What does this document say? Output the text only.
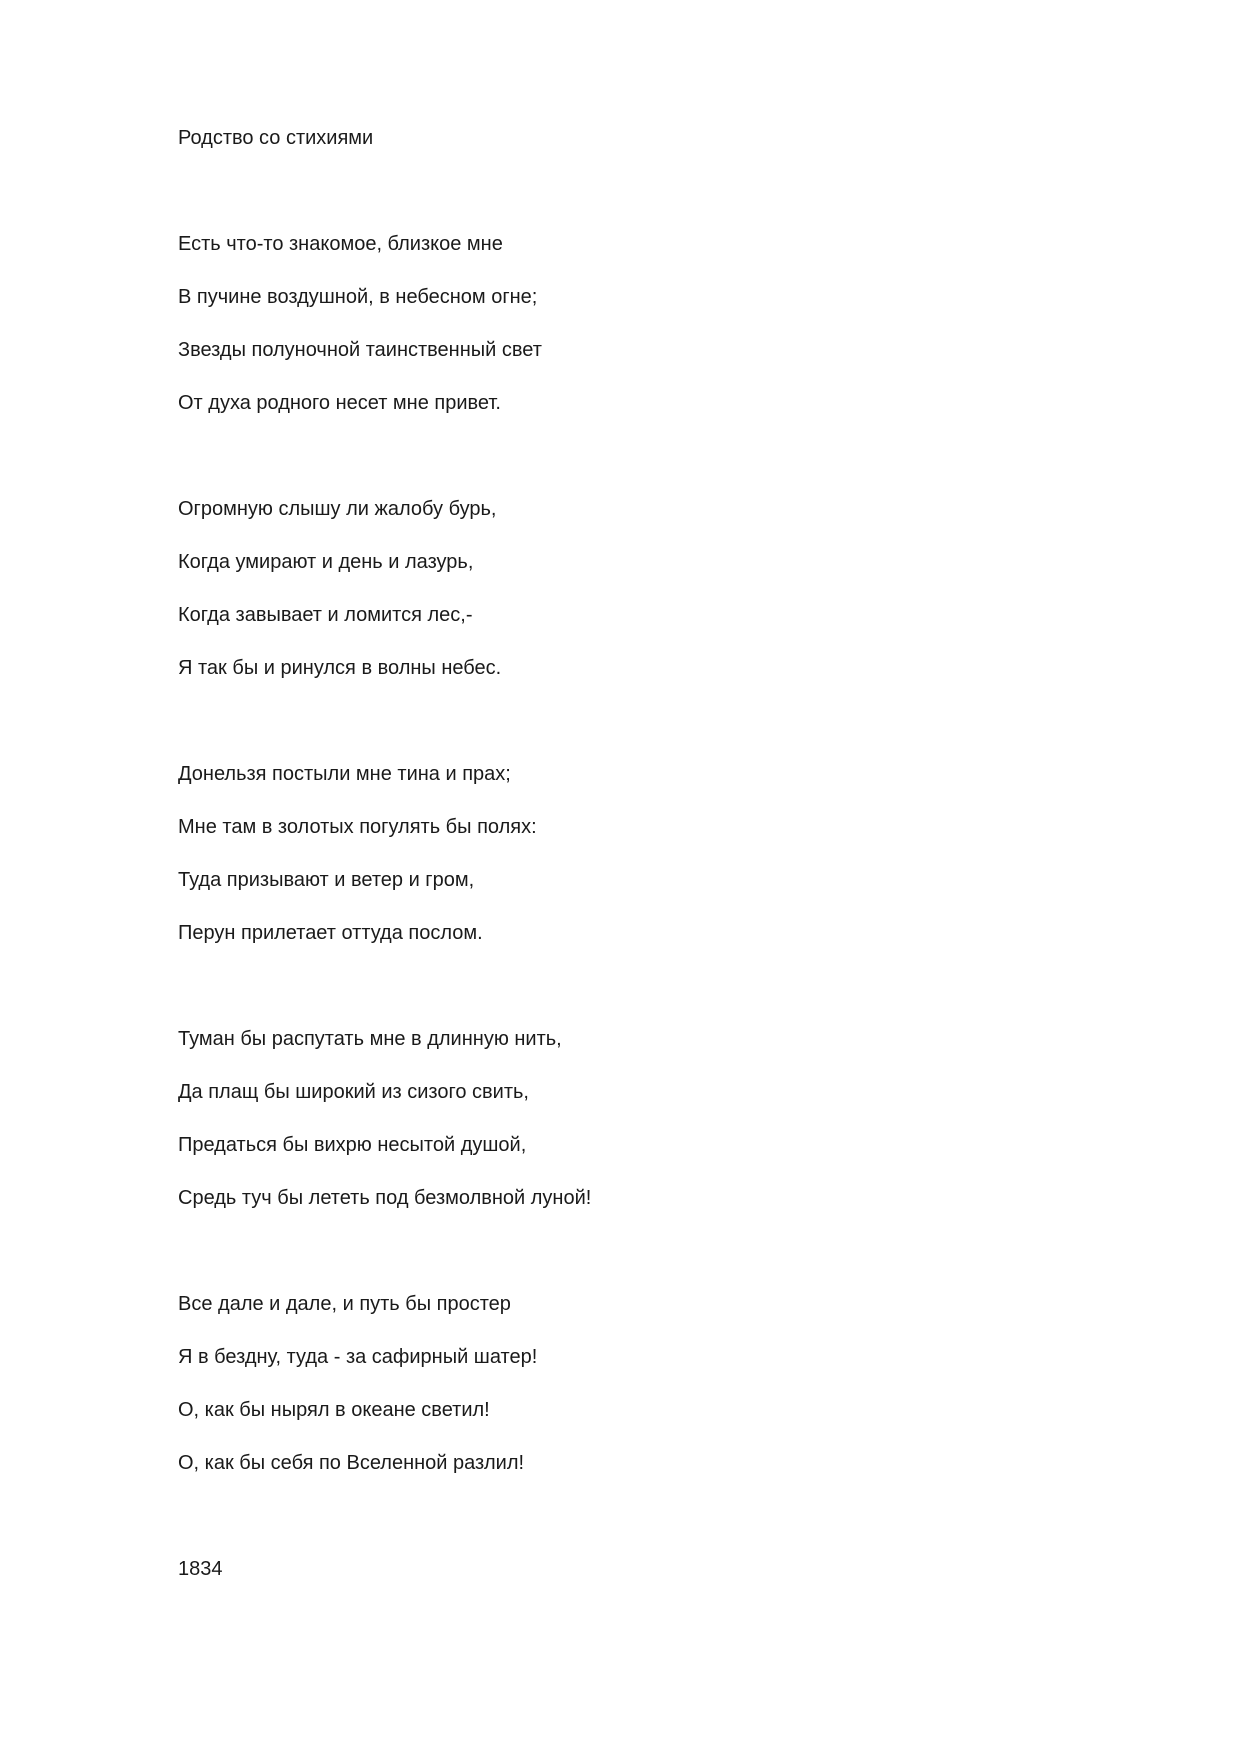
Родство со стихиями
Есть что-то знакомое, близкое мне
В пучине воздушной, в небесном огне;
Звезды полуночной таинственный свет
От духа родного несет мне привет.
Огромную слышу ли жалобу бурь,
Когда умирают и день и лазурь,
Когда завывает и ломится лес,-
Я так бы и ринулся в волны небес.
Донельзя постыли мне тина и прах;
Мне там в золотых погулять бы полях:
Туда призывают и ветер и гром,
Перун прилетает оттуда послом.
Туман бы распутать мне в длинную нить,
Да плащ бы широкий из сизого свить,
Предаться бы вихрю несытой душой,
Средь туч бы лететь под безмолвной луной!
Все дале и дале, и путь бы простер
Я в бездну, туда - за сафирный шатер!
О, как бы нырял в океане светил!
О, как бы себя по Вселенной разлил!
1834
